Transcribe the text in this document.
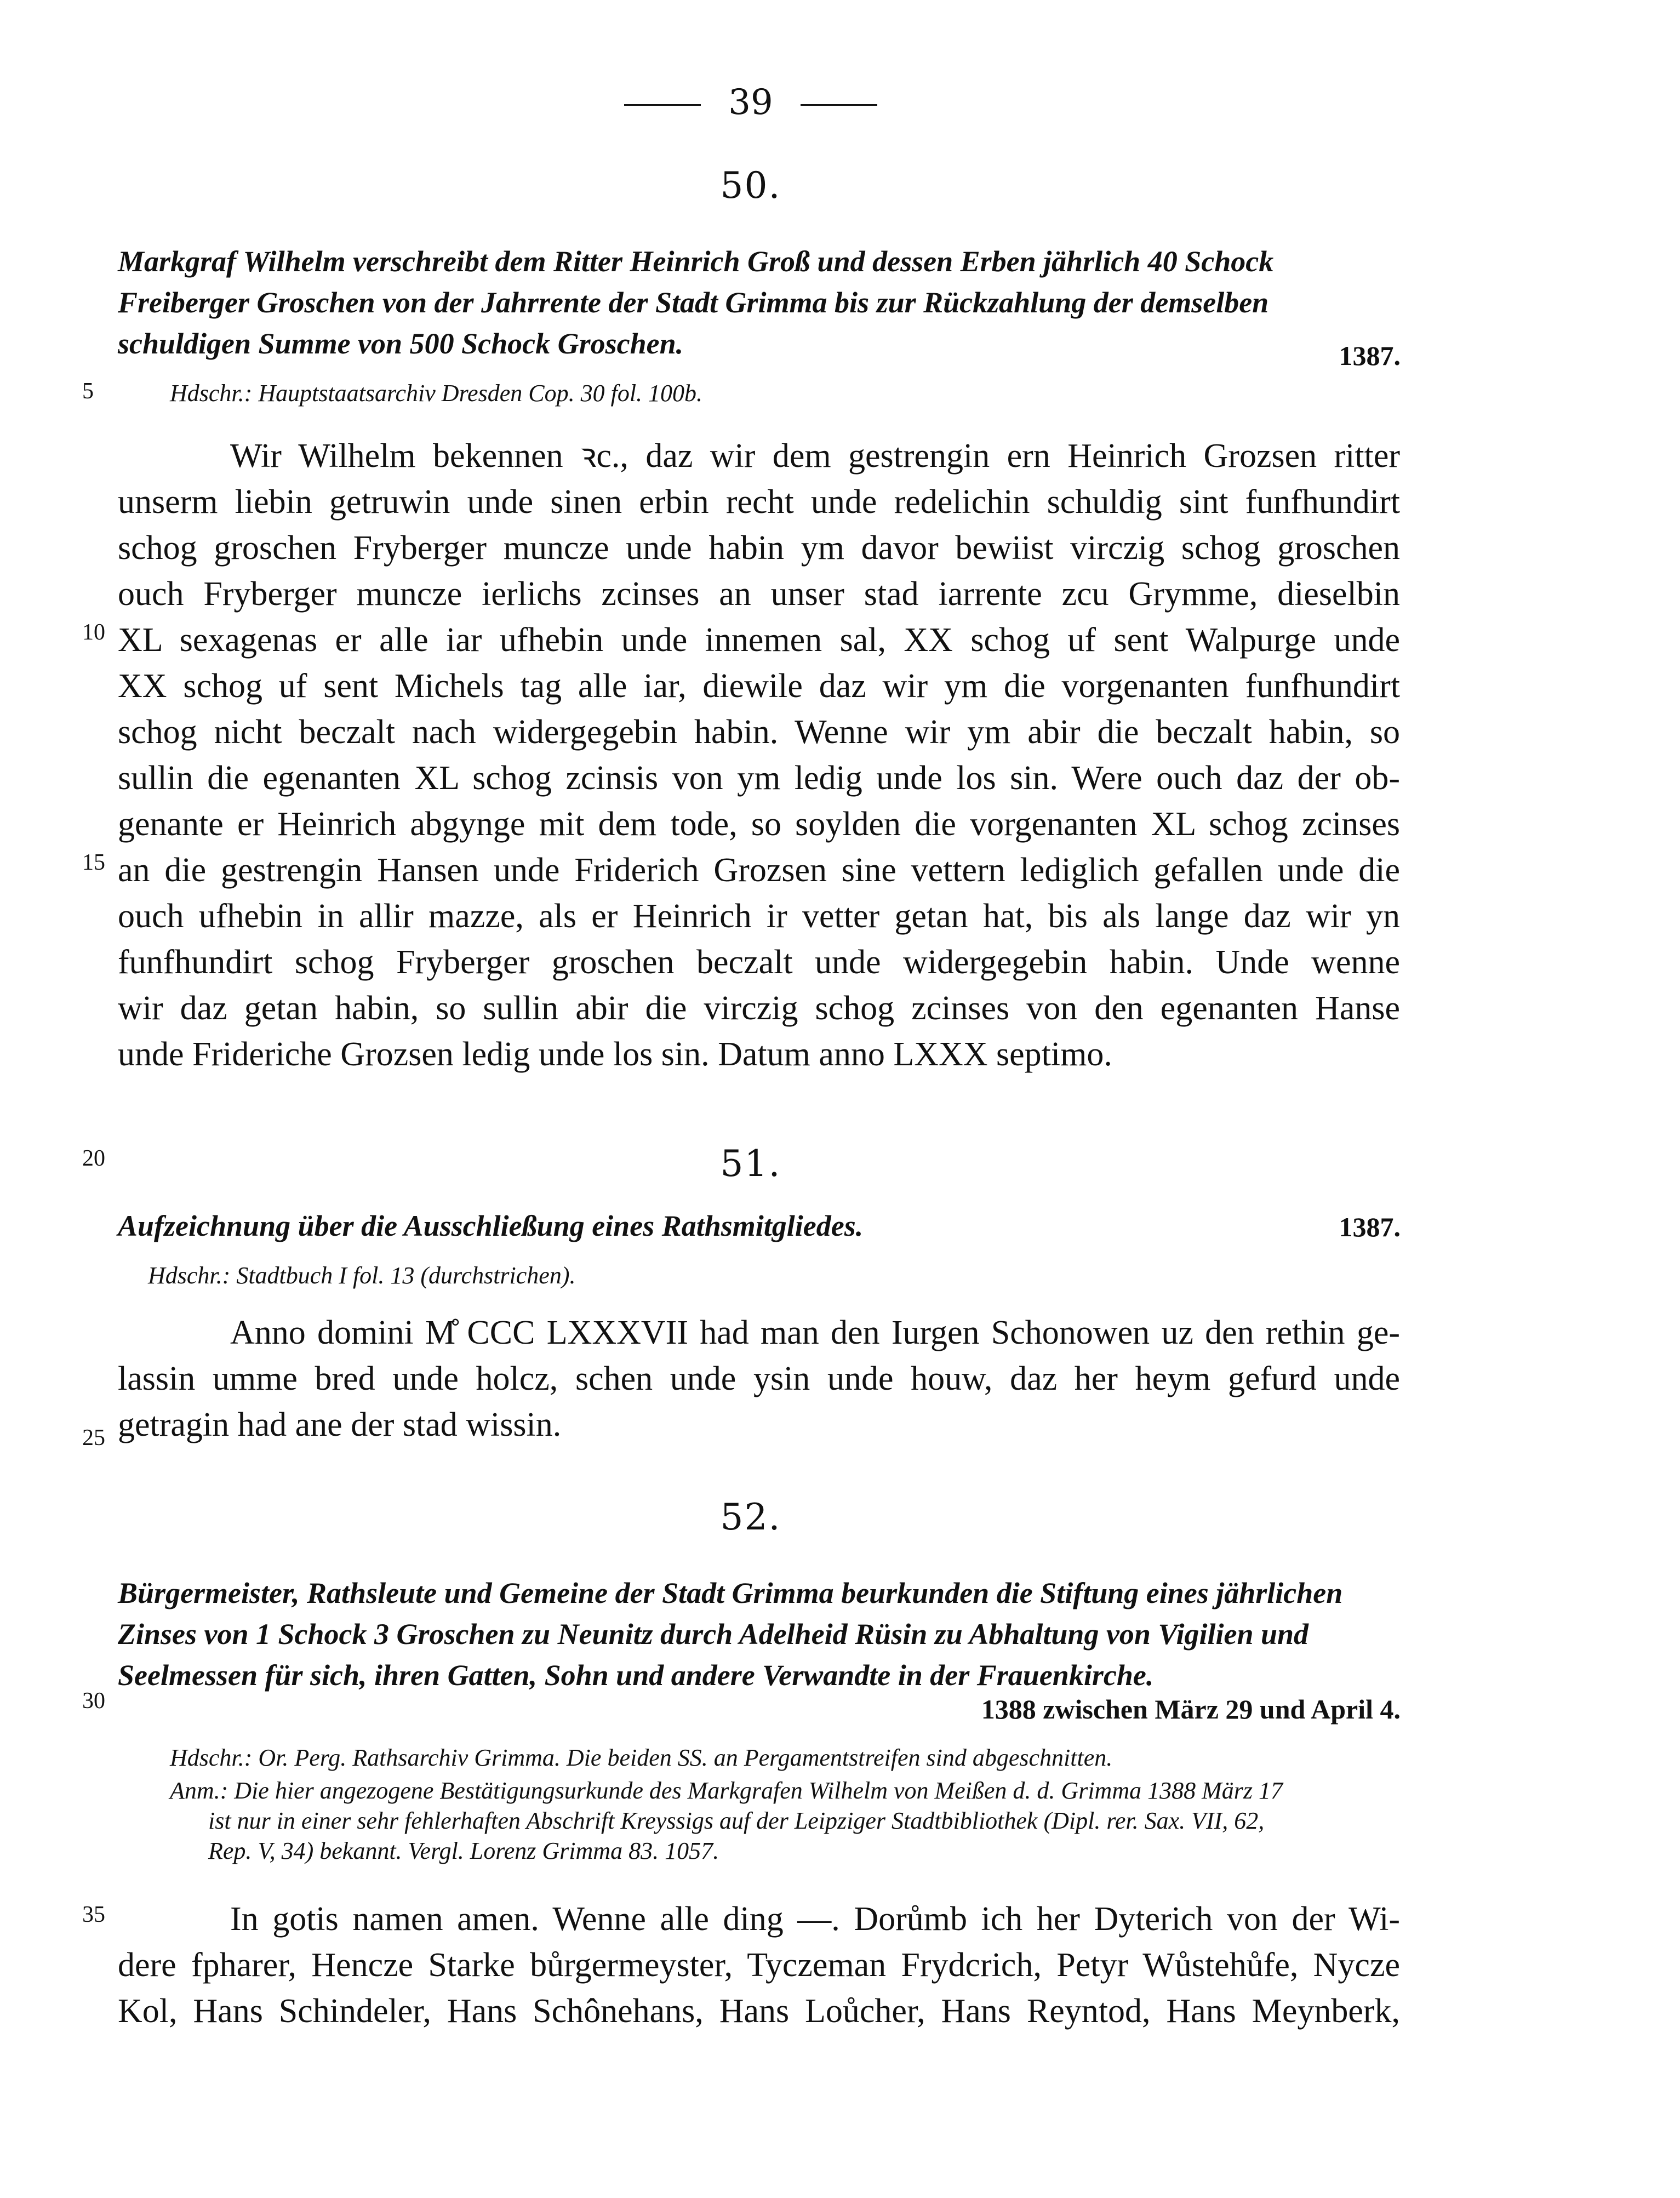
39
50.
Markgraf Wilhelm verschreibt dem Ritter Heinrich Groß und dessen Erben jährlich 40 Schock
Freiberger Groschen von der Jahrrente der Stadt Grimma bis zur Rückzahlung der demselben
schuldigen Summe von 500 Schock Groschen.	1387.
5	Hdschr.: Hauptstaatsarchiv Dresden Cop. 30 fol. 100b.
Wir Wilhelm bekennen ꝛc., daz wir dem gestrengin ern Heinrich Grozsen ritter
unserm liebin getruwin unde sinen erbin recht unde redelichin schuldig sint funfhundirt
schog groschen Fryberger muncze unde habin ym davor bewiist virczig schog groschen
ouch Fryberger muncze ierlichs zcinses an unser stad iarrente zcu Grymme, dieselbin
XL sexagenas er alle iar ufhebin unde innemen sal, XX schog uf sent Walpurge unde
XX schog uf sent Michels tag alle iar, diewile daz wir ym die vorgenanten funfhundirt
schog nicht beczalt nach widergegebin habin. Wenne wir ym abir die beczalt habin, so
sullin die egenanten XL schog zcinsis von ym ledig unde los sin. Were ouch daz der ob-
genante er Heinrich abgynge mit dem tode, so soylden die vorgenanten XL schog zcinses
an die gestrengin Hansen unde Friderich Grozsen sine vettern lediglich gefallen unde die
ouch ufhebin in allir mazze, als er Heinrich ir vetter getan hat, bis als lange daz wir yn
funfhundirt schog Fryberger groschen beczalt unde widergegebin habin. Unde wenne
wir daz getan habin, so sullin abir die virczig schog zcinses von den egenanten Hanse
unde Frideriche Grozsen ledig unde los sin. Datum anno LXXX septimo.
10
15
20	51.
Aufzeichnung über die Ausschließung eines Rathsmitgliedes.	1387.
Hdschr.: Stadtbuch I fol. 13 (durchstrichen).
Anno domini M̊ CCC LXXXVII had man den Iurgen Schonowen uz den rethin ge-
lassin umme bred unde holcz, schen unde ysin unde houw, daz her heym gefurd unde
getragin had ane der stad wissin.
25
52.
Bürgermeister, Rathsleute und Gemeine der Stadt Grimma beurkunden die Stiftung eines jährlichen
Zinses von 1 Schock 3 Groschen zu Neunitz durch Adelheid Rüsin zu Abhaltung von Vigilien und
Seelmessen für sich, ihren Gatten, Sohn und andere Verwandte in der Frauenkirche.
30	1388 zwischen März 29 und April 4.
Hdschr.: Or. Perg. Rathsarchiv Grimma. Die beiden SS. an Pergamentstreifen sind abgeschnitten.
Anm.: Die hier angezogene Bestätigungsurkunde des Markgrafen Wilhelm von Meißen d. d. Grimma 1388 März 17
ist nur in einer sehr fehlerhaften Abschrift Kreyssigs auf der Leipziger Stadtbibliothek (Dipl. rer. Sax. VII, 62,
Rep. V, 34) bekannt. Vergl. Lorenz Grimma 83. 1057.
35	In gotis namen amen. Wenne alle ding —. Dorůmb ich her Dyterich von der Wi-
dere fpharer, Hencze Starke bůrgermeyster, Tyczeman Frydcrich, Petyr Wůstehůfe, Nycze
Kol, Hans Schindeler, Hans Schônehans, Hans Loůcher, Hans Reyntod, Hans Meynberk,
